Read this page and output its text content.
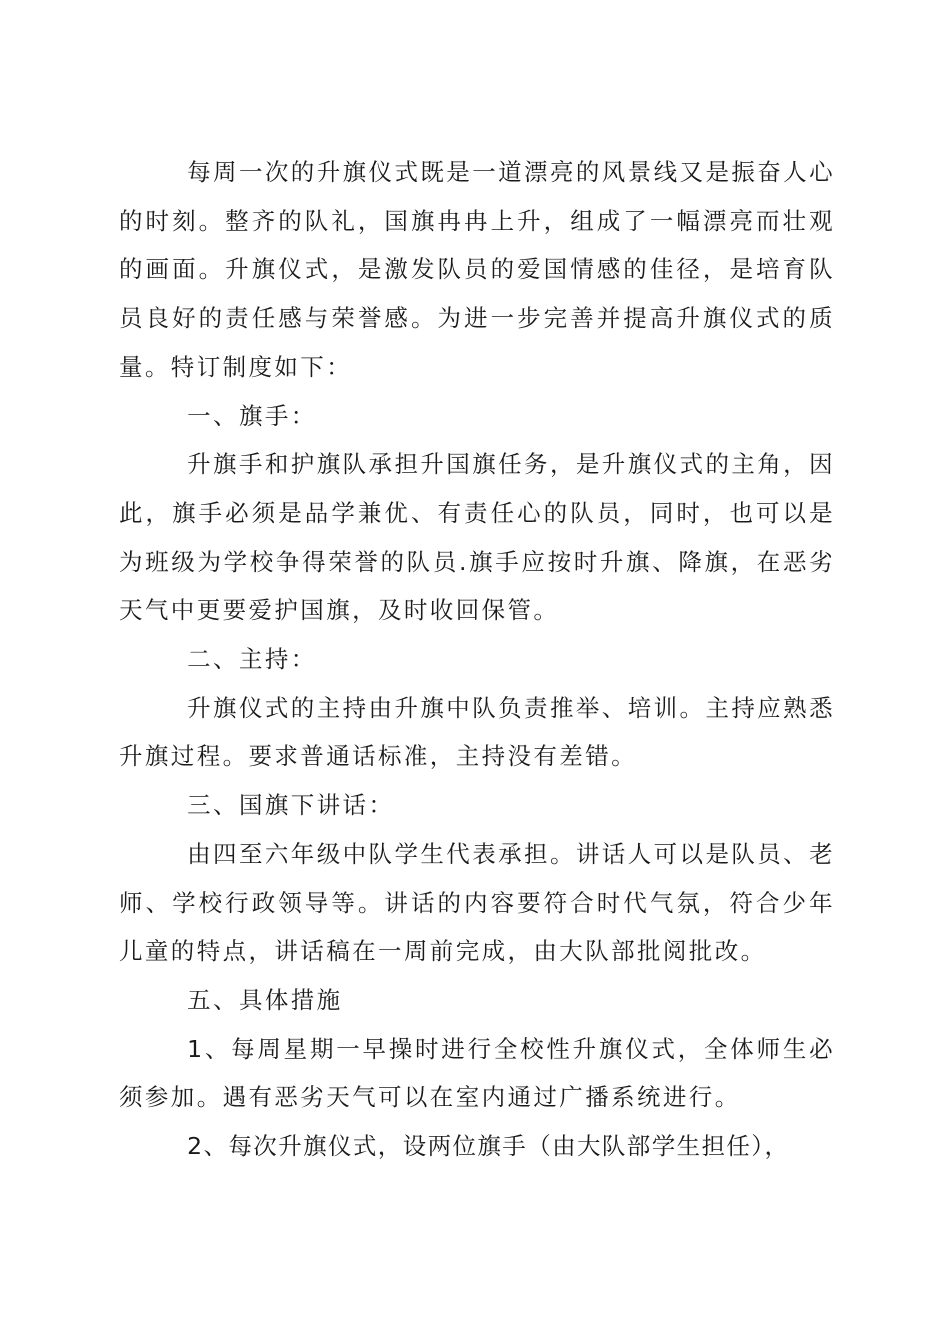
每周一次的升旗仪式既是一道漂亮的风景线又是振奋人心的时刻。整齐的队礼，国旗冉冉上升，组成了一幅漂亮而壮观的画面。升旗仪式，是激发队员的爱国情感的佳径，是培育队员良好的责任感与荣誉感。为进一步完善并提高升旗仪式的质量。特订制度如下：

一、旗手：

升旗手和护旗队承担升国旗任务，是升旗仪式的主角，因此，旗手必须是品学兼优、有责任心的队员，同时，也可以是为班级为学校争得荣誉的队员.旗手应按时升旗、降旗，在恶劣天气中更要爱护国旗，及时收回保管。

二、主持：

升旗仪式的主持由升旗中队负责推举、培训。主持应熟悉升旗过程。要求普通话标准，主持没有差错。

三、国旗下讲话：

由四至六年级中队学生代表承担。讲话人可以是队员、老师、学校行政领导等。讲话的内容要符合时代气氛，符合少年儿童的特点，讲话稿在一周前完成，由大队部批阅批改。

五、具体措施

1、每周星期一早操时进行全校性升旗仪式，全体师生必须参加。遇有恶劣天气可以在室内通过广播系统进行。

2、每次升旗仪式，设两位旗手（由大队部学生担任），
